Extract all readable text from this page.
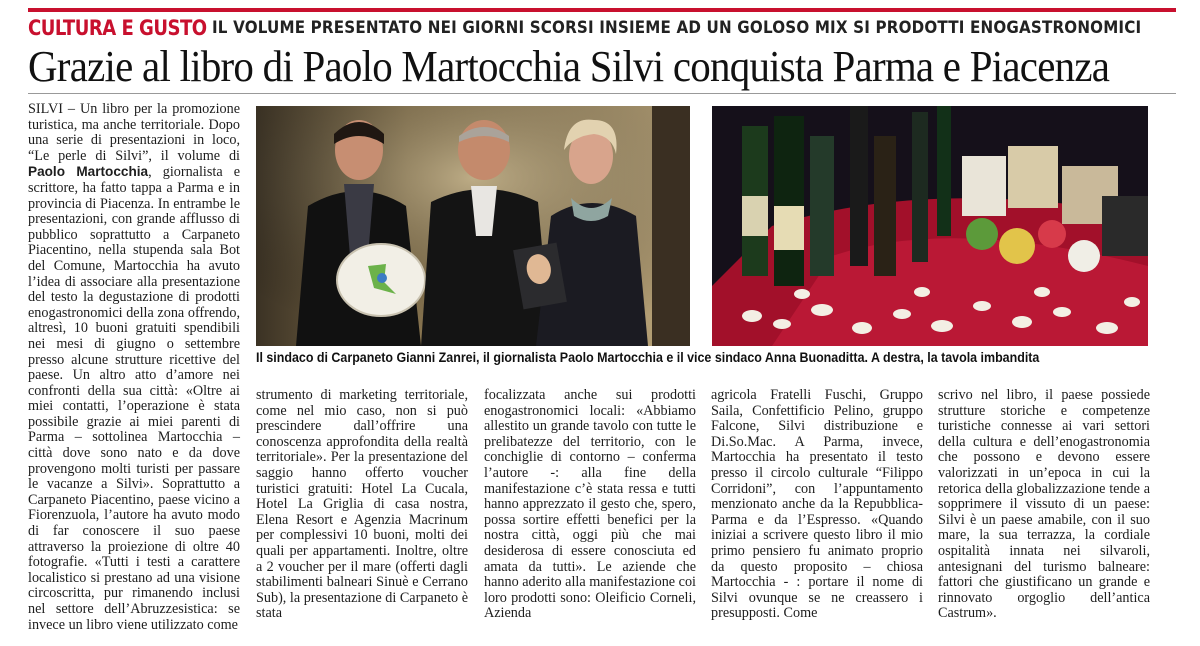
CULTURA E GUSTO IL VOLUME PRESENTATO NEI GIORNI SCORSI INSIEME AD UN GOLOSO MIX SI PRODOTTI ENOGASTRONOMICI
Grazie al libro di Paolo Martocchia Silvi conquista Parma e Piacenza

SILVI – Un libro per la promozione turistica, ma anche territoriale. Dopo una serie di presentazioni in loco, “Le perle di Silvi”, il volume di Paolo Martocchia, giornalista e scrittore, ha fatto tappa a Parma e in provincia di Piacenza. In entrambe le presentazioni, con grande afflusso di pubblico soprattutto a Carpaneto Piacentino, nella stupenda sala Bot del Comune, Martocchia ha avuto l’idea di associare alla presentazione del testo la degustazione di prodotti enogastronomici della zona offrendo, altresì, 10 buoni gratuiti spendibili nei mesi di giugno o settembre presso alcune strutture ricettive del paese. Un altro atto d’amore nei confronti della sua città: «Oltre ai miei contatti, l’operazione è stata possibile grazie ai miei parenti di Parma – sottolinea Martocchia – città dove sono nato e da dove provengono molti turisti per passare le vacanze a Silvi». Soprattutto a Carpaneto Piacentino, paese vicino a Fiorenzuola, l’autore ha avuto modo di far conoscere il suo paese attraverso la proiezione di oltre 40 fotografie. «Tutti i testi a carattere localistico si prestano ad una visione circoscritta, pur rimanendo inclusi nel settore dell’Abruzzesistica: se invece un libro viene utilizzato come

Il sindaco di Carpaneto Gianni Zanrei, il giornalista Paolo Martocchia e il vice sindaco Anna Buonaditta. A destra, la tavola imbandita

strumento di marketing territoriale, come nel mio caso, non si può prescindere dall’offrire una conoscenza approfondita della realtà territoriale». Per la presentazione del saggio hanno offerto voucher turistici gratuiti: Hotel La Cucala, Hotel La Griglia di casa nostra, Elena Resort e Agenzia Macrinum per complessivi 10 buoni, molti dei quali per appartamenti. Inoltre, oltre a 2 voucher per il mare (offerti dagli stabilimenti balneari Sinuè e Cerrano Sub), la presentazione di Carpaneto è stata

focalizzata anche sui prodotti enogastronomici locali: «Abbiamo allestito un grande tavolo con tutte le prelibatezze del territorio, con le conchiglie di contorno – conferma l’autore -: alla fine della manifestazione c’è stata ressa e tutti hanno apprezzato il gesto che, spero, possa sortire effetti benefici per la nostra città, oggi più che mai desiderosa di essere conosciuta ed amata da tutti». Le aziende che hanno aderito alla manifestazione coi loro prodotti sono: Oleificio Corneli, Azienda

agricola Fratelli Fuschi, Gruppo Saila, Confettificio Pelino, gruppo Falcone, Silvi distribuzione e Di.So.Mac. A Parma, invece, Martocchia ha presentato il testo presso il circolo culturale “Filippo Corridoni”, con l’appuntamento menzionato anche da la Repubblica-Parma e da l’Espresso. «Quando iniziai a scrivere questo libro il mio primo pensiero fu animato proprio da questo proposito – chiosa Martocchia - : portare il nome di Silvi ovunque se ne creassero i presupposti. Come

scrivo nel libro, il paese possiede strutture storiche e competenze turistiche connesse ai vari settori della cultura e dell’enogastronomia che possono e devono essere valorizzati in un’epoca in cui la retorica della globalizzazione tende a sopprimere il vissuto di un paese: Silvi è un paese amabile, con il suo mare, la sua terrazza, la cordiale ospitalità innata nei silvaroli, antesignani del turismo balneare: fattori che giustificano un grande e rinnovato orgoglio dell’antica Castrum».
